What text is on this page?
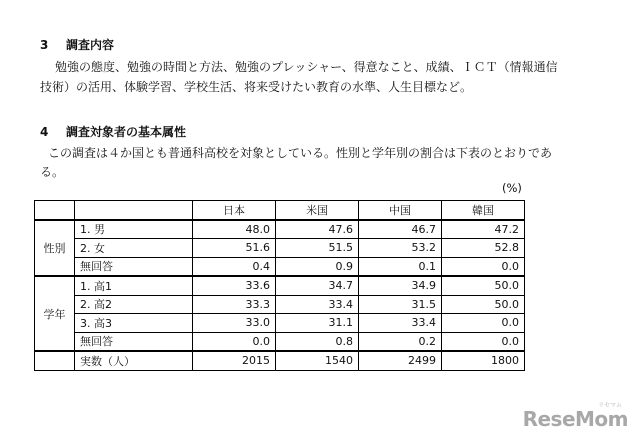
3 調査内容
勉強の態度、勉強の時間と方法、勉強のプレッシャー、得意なこと、成績、ＩＣＴ（情報通信
技術）の活用、体験学習、学校生活、将来受けたい教育の水準、人生目標など。
4 調査対象者の基本属性
この調査は４か国とも普通科高校を対象としている。性別と学年別の割合は下表のとおりであ
る。
(%)
		日本	米国	中国	韓国
性別	1. 男	48.0	47.6	46.7	47.2
	2. 女	51.6	51.5	53.2	52.8
	無回答	0.4	0.9	0.1	0.0
学年	1. 高1	33.6	34.7	34.9	50.0
	2. 高2	33.3	33.4	31.5	50.0
	3. 高3	33.0	31.1	33.4	0.0
	無回答	0.0	0.8	0.2	0.0
	実数（人）	2015	1540	2499	1800
リセマム
ReseMom
